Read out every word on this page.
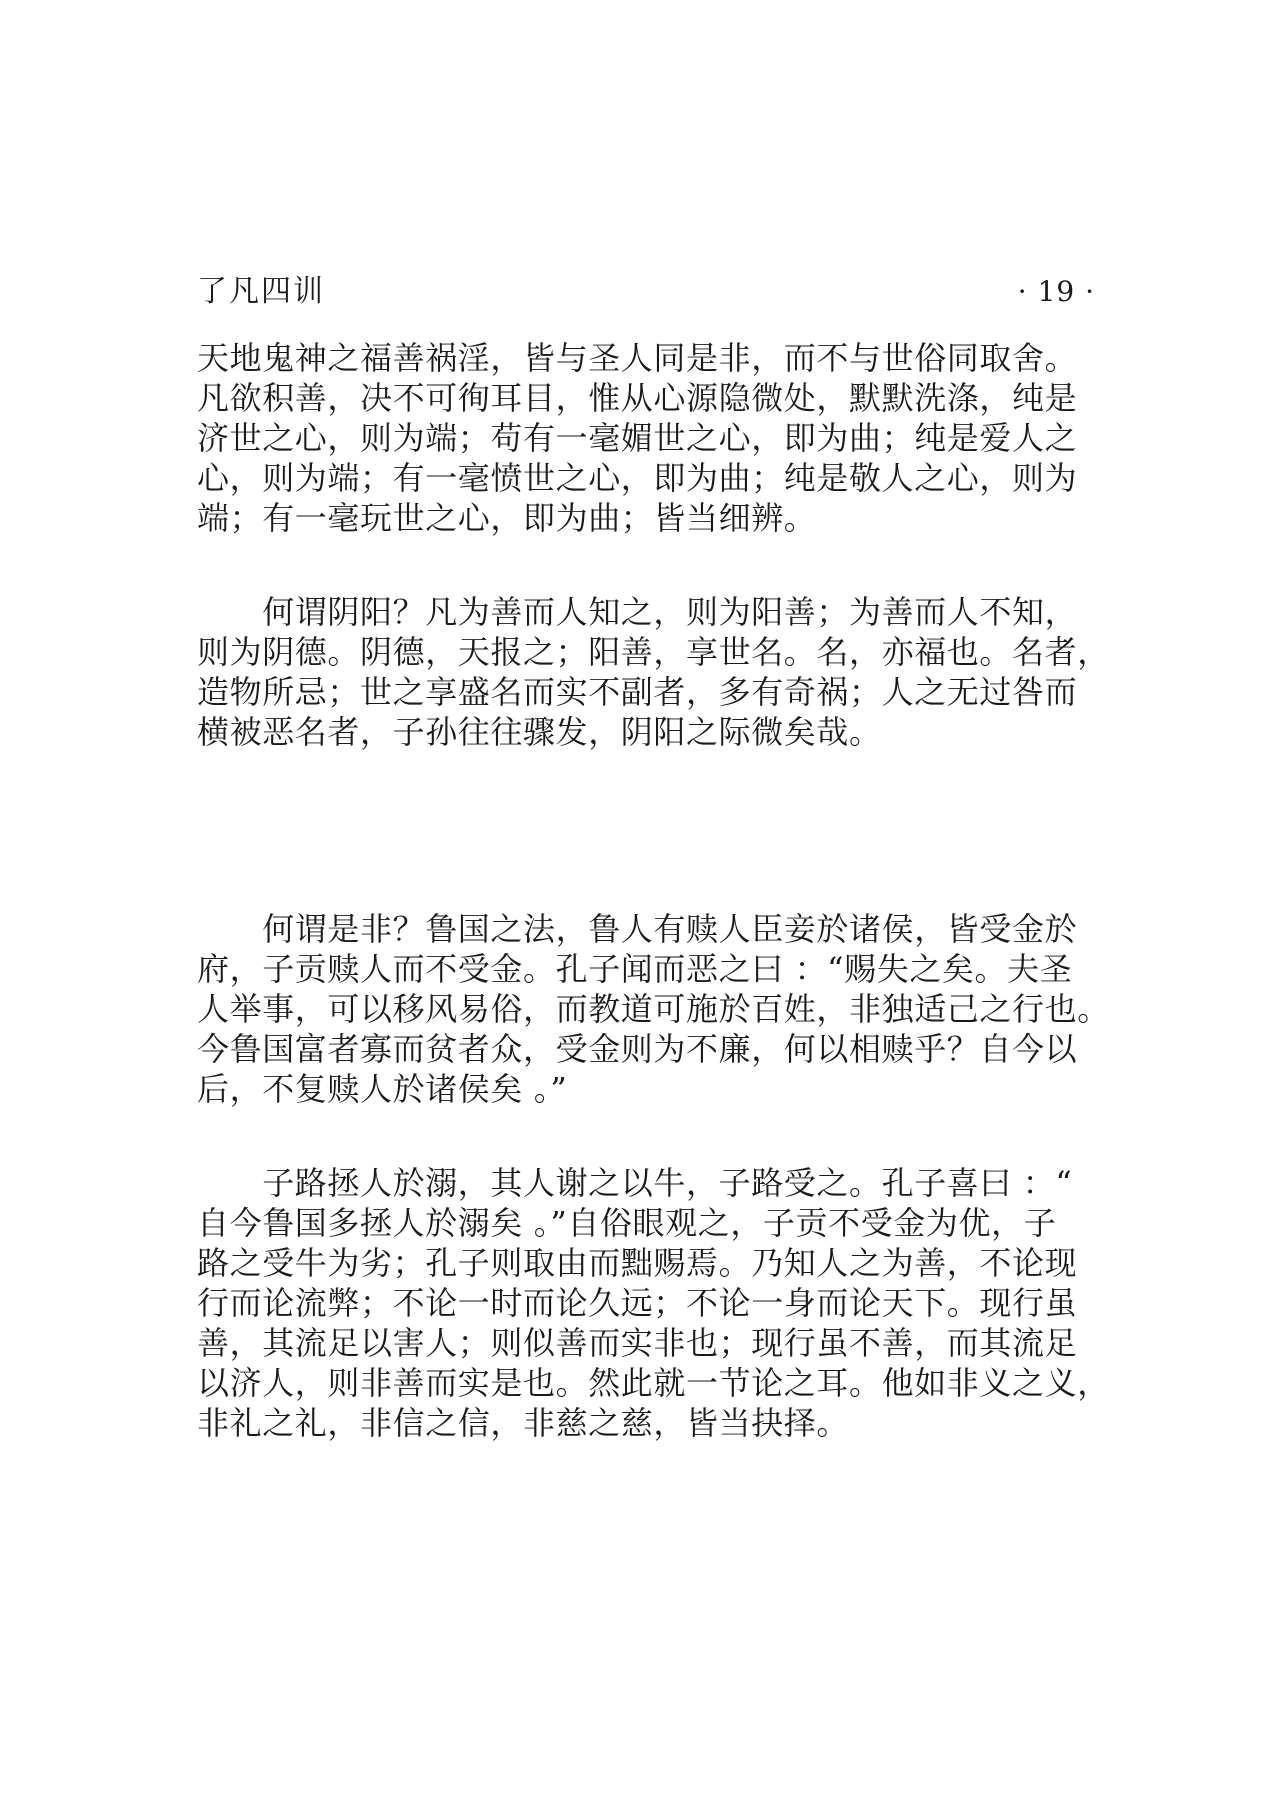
了凡四训	· 19 ·
天地鬼神之福善祸淫，皆与圣人同是非，而不与世俗同取舍。
凡欲积善，决不可徇耳目，惟从心源隐微处，默默洗涤，纯是
济世之心，则为端；苟有一毫媚世之心，即为曲；纯是爱人之
心，则为端；有一毫愤世之心，即为曲；纯是敬人之心，则为
端；有一毫玩世之心，即为曲；皆当细辨。
　　何谓阴阳？凡为善而人知之，则为阳善；为善而人不知，
则为阴德。阴德，天报之；阳善，享世名。名，亦福也。名者，
造物所忌；世之享盛名而实不副者，多有奇祸；人之无过咎而
横被恶名者，子孙往往骤发，阴阳之际微矣哉。
　　何谓是非？鲁国之法，鲁人有赎人臣妾於诸侯，皆受金於
府，子贡赎人而不受金。孔子闻而恶之曰 ：“赐失之矣。夫圣
人举事，可以移风易俗，而教道可施於百姓，非独适己之行也。
今鲁国富者寡而贫者众，受金则为不廉，何以相赎乎？自今以
后，不复赎人於诸侯矣 。”
　　子路拯人於溺，其人谢之以牛，子路受之。孔子喜曰 ：“
自今鲁国多拯人於溺矣 。”自俗眼观之，子贡不受金为优，子
路之受牛为劣；孔子则取由而黜赐焉。乃知人之为善，不论现
行而论流弊；不论一时而论久远；不论一身而论天下。现行虽
善，其流足以害人；则似善而实非也；现行虽不善，而其流足
以济人，则非善而实是也。然此就一节论之耳。他如非义之义，
非礼之礼，非信之信，非慈之慈，皆当抉择。
